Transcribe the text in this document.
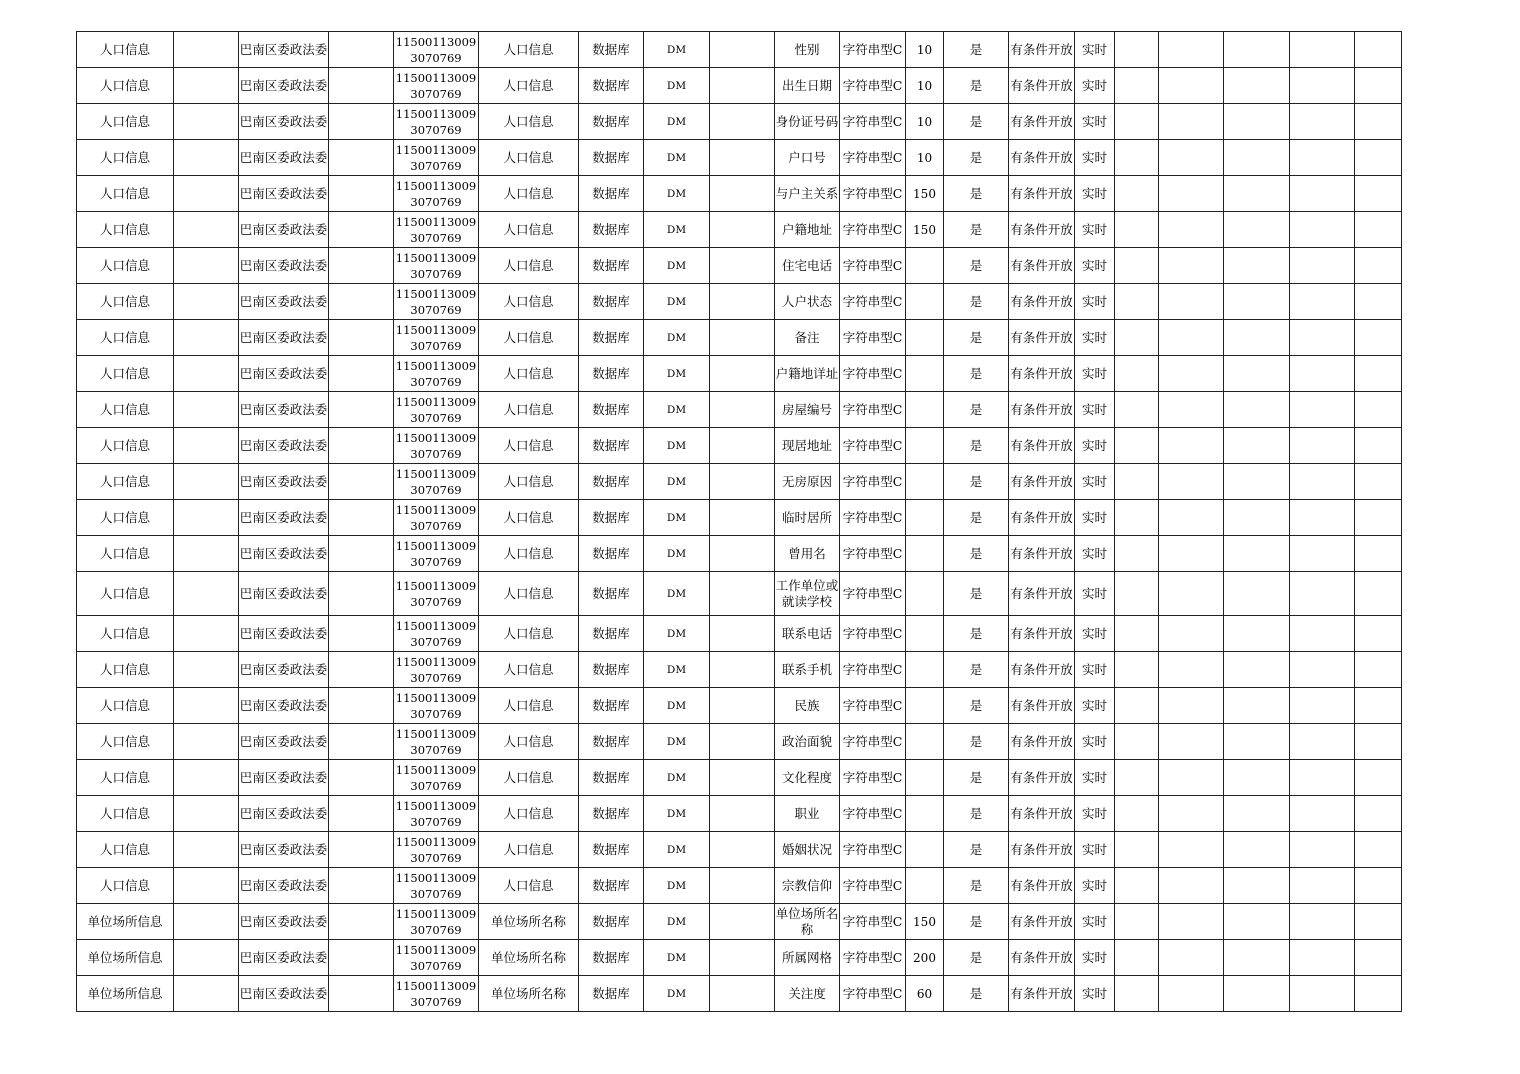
人口信息		巴南区委政法委		115001130093070769	人口信息	数据库	DM		性别	字符串型C	10	是	有条件开放	实时					
人口信息		巴南区委政法委		115001130093070769	人口信息	数据库	DM		出生日期	字符串型C	10	是	有条件开放	实时					
人口信息		巴南区委政法委		115001130093070769	人口信息	数据库	DM		身份证号码	字符串型C	10	是	有条件开放	实时					
人口信息		巴南区委政法委		115001130093070769	人口信息	数据库	DM		户口号	字符串型C	10	是	有条件开放	实时					
人口信息		巴南区委政法委		115001130093070769	人口信息	数据库	DM		与户主关系	字符串型C	150	是	有条件开放	实时					
人口信息		巴南区委政法委		115001130093070769	人口信息	数据库	DM		户籍地址	字符串型C	150	是	有条件开放	实时					
人口信息		巴南区委政法委		115001130093070769	人口信息	数据库	DM		住宅电话	字符串型C		是	有条件开放	实时					
人口信息		巴南区委政法委		115001130093070769	人口信息	数据库	DM		人户状态	字符串型C		是	有条件开放	实时					
人口信息		巴南区委政法委		115001130093070769	人口信息	数据库	DM		备注	字符串型C		是	有条件开放	实时					
人口信息		巴南区委政法委		115001130093070769	人口信息	数据库	DM		户籍地详址	字符串型C		是	有条件开放	实时					
人口信息		巴南区委政法委		115001130093070769	人口信息	数据库	DM		房屋编号	字符串型C		是	有条件开放	实时					
人口信息		巴南区委政法委		115001130093070769	人口信息	数据库	DM		现居地址	字符串型C		是	有条件开放	实时					
人口信息		巴南区委政法委		115001130093070769	人口信息	数据库	DM		无房原因	字符串型C		是	有条件开放	实时					
人口信息		巴南区委政法委		115001130093070769	人口信息	数据库	DM		临时居所	字符串型C		是	有条件开放	实时					
人口信息		巴南区委政法委		115001130093070769	人口信息	数据库	DM		曾用名	字符串型C		是	有条件开放	实时					
人口信息		巴南区委政法委		115001130093070769	人口信息	数据库	DM		工作单位或就读学校	字符串型C		是	有条件开放	实时					
人口信息		巴南区委政法委		115001130093070769	人口信息	数据库	DM		联系电话	字符串型C		是	有条件开放	实时					
人口信息		巴南区委政法委		115001130093070769	人口信息	数据库	DM		联系手机	字符串型C		是	有条件开放	实时					
人口信息		巴南区委政法委		115001130093070769	人口信息	数据库	DM		民族	字符串型C		是	有条件开放	实时					
人口信息		巴南区委政法委		115001130093070769	人口信息	数据库	DM		政治面貌	字符串型C		是	有条件开放	实时					
人口信息		巴南区委政法委		115001130093070769	人口信息	数据库	DM		文化程度	字符串型C		是	有条件开放	实时					
人口信息		巴南区委政法委		115001130093070769	人口信息	数据库	DM		职业	字符串型C		是	有条件开放	实时					
人口信息		巴南区委政法委		115001130093070769	人口信息	数据库	DM		婚姻状况	字符串型C		是	有条件开放	实时					
人口信息		巴南区委政法委		115001130093070769	人口信息	数据库	DM		宗教信仰	字符串型C		是	有条件开放	实时					
单位场所信息		巴南区委政法委		115001130093070769	单位场所名称	数据库	DM		单位场所名称	字符串型C	150	是	有条件开放	实时					
单位场所信息		巴南区委政法委		115001130093070769	单位场所名称	数据库	DM		所属网格	字符串型C	200	是	有条件开放	实时					
单位场所信息		巴南区委政法委		115001130093070769	单位场所名称	数据库	DM		关注度	字符串型C	60	是	有条件开放	实时					
